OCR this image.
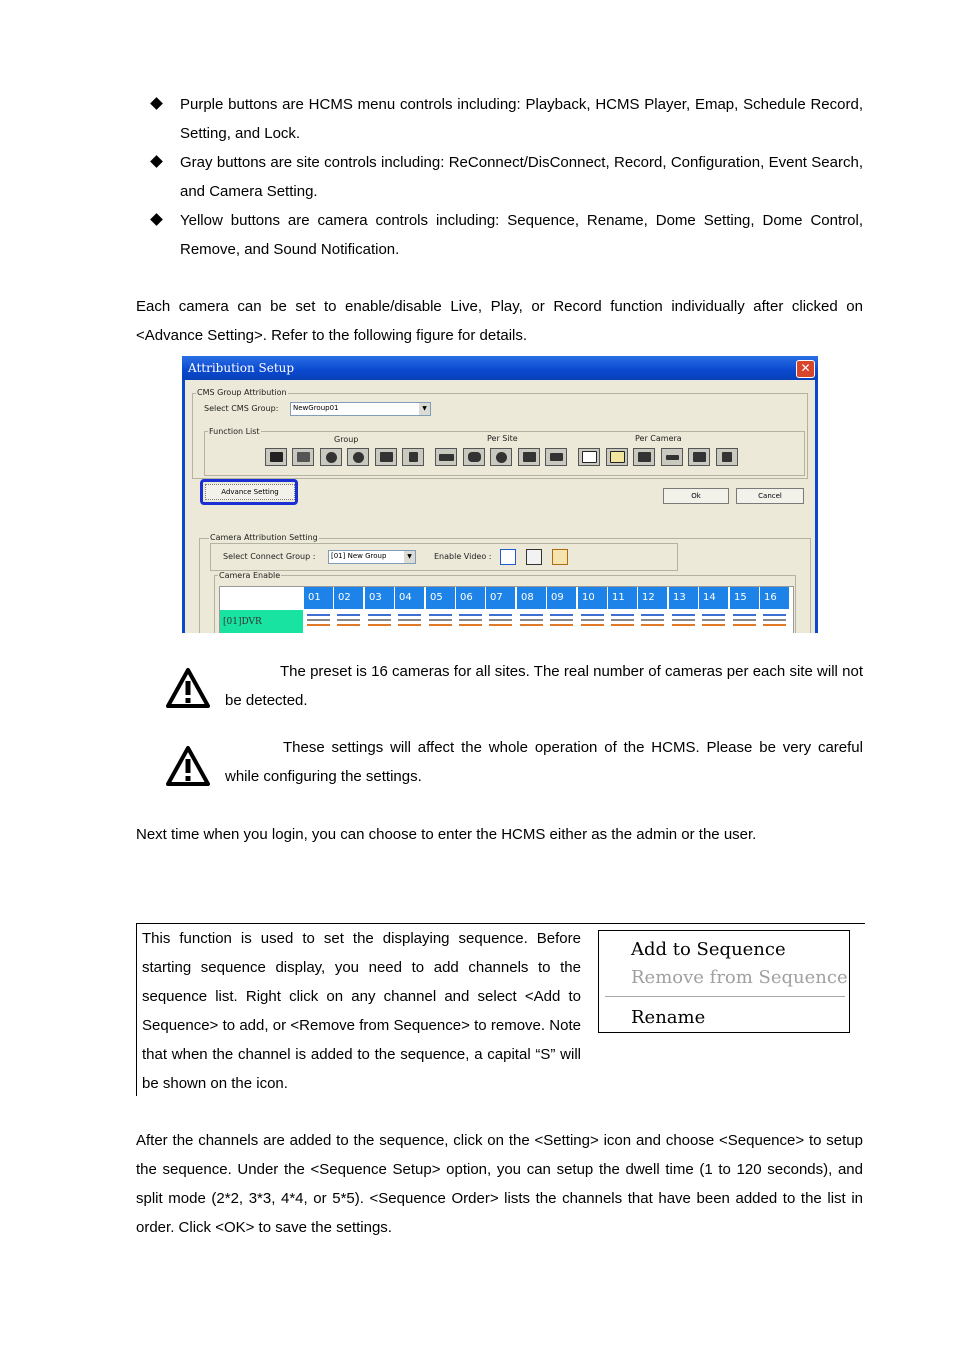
Purple buttons are HCMS menu controls including: Playback, HCMS Player, Emap, Schedule Record, Setting, and Lock.
Gray buttons are site controls including: ReConnect/DisConnect, Record, Configuration, Event Search, and Camera Setting.
Yellow buttons are camera controls including: Sequence, Rename, Dome Setting, Dome Control, Remove, and Sound Notification.
Each camera can be set to enable/disable Live, Play, or Record function individually after clicked on <Advance Setting>. Refer to the following figure for details.
Attribution Setup	✕
CMS Group Attribution
Select CMS Group: NewGroup01	▼
Function List
Group	Per Site	Per Camera
Advance Setting	Ok	Cancel
Camera Attribution Setting
Select Connect Group : [01] New Group	▼	Enable Video :
Camera Enable
[01]DVR
01	02	03	04	05	06	07	08	09	10	11	12	13	14	15	16
The preset is 16 cameras for all sites. The real number of cameras per each site will not be detected.
These settings will affect the whole operation of the HCMS. Please be very careful while configuring the settings.
Next time when you login, you can choose to enter the HCMS either as the admin or the user.
This function is used to set the displaying sequence. Before starting sequence display, you need to add channels to the sequence list. Right click on any channel and select <Add to Sequence> to add, or <Remove from Sequence> to remove. Note that when the channel is added to the sequence, a capital “S” will be shown on the icon.
Add to Sequence
Remove from Sequence
Rename
After the channels are added to the sequence, click on the <Setting> icon and choose <Sequence> to setup the sequence. Under the <Sequence Setup> option, you can setup the dwell time (1 to 120 seconds), and split mode (2*2, 3*3, 4*4, or 5*5). <Sequence Order> lists the channels that have been added to the list in order. Click <OK> to save the settings.
